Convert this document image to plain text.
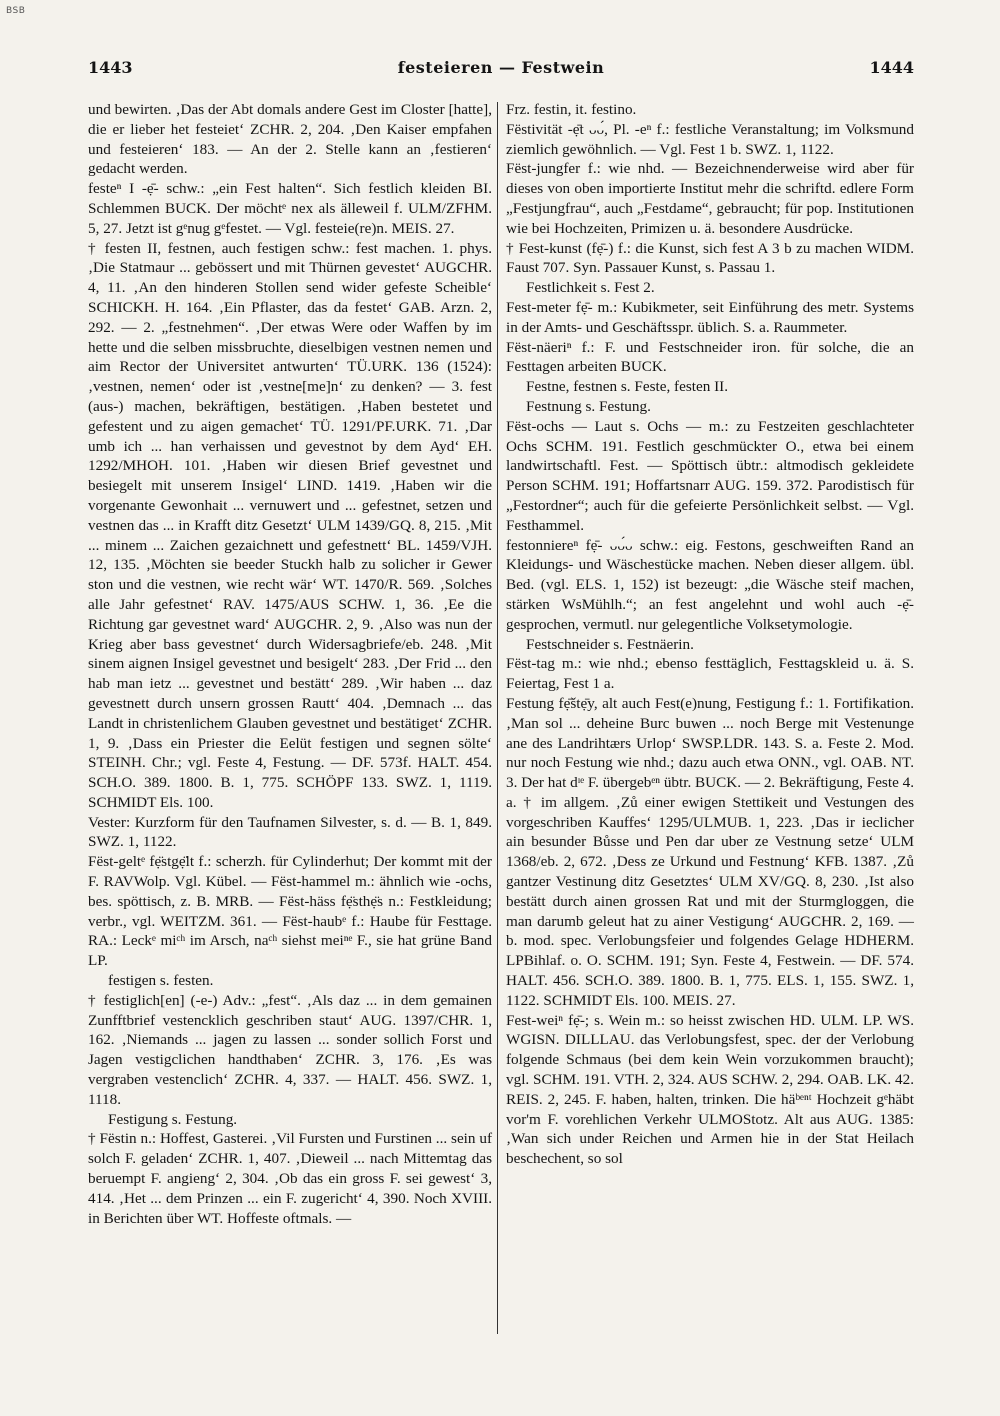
BSB
1443	festeieren — Festwein	1444

und bewirten. ‚Das der Abt domals andere Gest im Closter [hatte], die er lieber het festeiet‘ ZCHR. 2, 204. ‚Den Kaiser empfahen und festeieren‘ 183. — An der 2. Stelle kann an ‚festieren‘ gedacht werden.

festeⁿ I -ẹ̄- schw.: „ein Fest halten“. Sich festlich kleiden BI. Schlemmen BUCK. Der möchtᵉ nex als älleweil f. ULM/ZFHM. 5, 27. Jetzt ist gᵉnug gᵉfestet. — Vgl. festeie(re)n. MEIS. 27.

† festen II, festnen, auch festigen schw.: fest machen. 1. phys. ‚Die Statmaur ... gebössert und mit Thürnen gevestet‘ AUGCHR. 4, 11. ‚An den hinderen Stollen send wider gefeste Scheible‘ SCHICKH. H. 164. ‚Ein Pflaster, das da festet‘ GAB. Arzn. 2, 292. — 2. „festnehmen“. ‚Der etwas Were oder Waffen by im hette und die selben missbruchte, dieselbigen vestnen nemen und aim Rector der Universitet antwurten‘ TÜ.URK. 136 (1524): ‚vestnen, nemen‘ oder ist ‚vestne[me]n‘ zu denken? — 3. fest (aus-) machen, bekräftigen, bestätigen. ‚Haben bestetet und gefestent und zu aigen gemachet‘ TÜ. 1291/PF.URK. 71. ‚Dar umb ich ... han verhaissen und gevestnot by dem Ayd‘ EH. 1292/MHOH. 101. ‚Haben wir diesen Brief gevestnet und besiegelt mit unserem Insigel‘ LIND. 1419. ‚Haben wir die vorgenante Gewonhait ... vernuwert und ... gefestnet, setzen und vestnen das ... in Krafft ditz Gesetzt‘ ULM 1439/GQ. 8, 215. ‚Mit ... minem ... Zaichen gezaichnett und gefestnett‘ BL. 1459/VJH. 12, 135. ‚Möchten sie beeder Stuckh halb zu solicher ir Gewer ston und die vestnen, wie recht wär‘ WT. 1470/R. 569. ‚Solches alle Jahr gefestnet‘ RAV. 1475/AUS SCHW. 1, 36. ‚Ee die Richtung gar gevestnet ward‘ AUGCHR. 2, 9. ‚Also was nun der Krieg aber bass gevestnet‘ durch Widersagbriefe/eb. 248. ‚Mit sinem aignen Insigel gevestnet und besigelt‘ 283. ‚Der Frid ... den hab man ietz ... gevestnet und bestätt‘ 289. ‚Wir haben ... daz gevestnett durch unsern grossen Rautt‘ 404. ‚Demnach ... das Landt in christenlichem Glauben gevestnet und bestätiget‘ ZCHR. 1, 9. ‚Dass ein Priester die Eelüt festigen und segnen sölte‘ STEINH. Chr.; vgl. Feste 4, Festung. — DF. 573f. HALT. 454. SCH.O. 389. 1800. B. 1, 775. SCHÖPF 133. SWZ. 1, 1119. SCHMIDT Els. 100.

Vester: Kurzform für den Taufnamen Silvester, s. d. — B. 1, 849. SWZ. 1, 1122.

Fëst-geltᵉ fẹ̈stgẹ̈lt f.: scherzh. für Cylinderhut; Der kommt mit der F. RAVWolp. Vgl. Kübel. — Fëst-hammel m.: ähnlich wie -ochs, bes. spöttisch, z. B. MRB. — Fëst-häss fẹ̈sthẹ̈s n.: Festkleidung; verbr., vgl. WEITZM. 361. — Fëst-haubᵉ f.: Haube für Festtage. RA.: Leckᵉ miᶜʰ im Arsch, naᶜʰ siehst meiⁿᵉ F., sie hat grüne Band LP.

festigen s. festen.

† festiglich[en] (-e-) Adv.: „fest“. ‚Als daz ... in dem gemainen Zunfftbrief vestencklich geschriben staut‘ AUG. 1397/CHR. 1, 162. ‚Niemands ... jagen zu lassen ... sonder sollich Forst und Jagen vestigclichen handthaben‘ ZCHR. 3, 176. ‚Es was vergraben vestenclich‘ ZCHR. 4, 337. — HALT. 456. SWZ. 1, 1118.

Festigung s. Festung.

† Fëstin n.: Hoffest, Gasterei. ‚Vil Fursten und Furstinen ... sein uf solch F. geladen‘ ZCHR. 1, 407. ‚Dieweil ... nach Mittemtag das beruempt F. angieng‘ 2, 304. ‚Ob das ein gross F. sei gewest‘ 3, 414. ‚Het ... dem Prinzen ... ein F. zugericht‘ 4, 390. Noch XVIII. in Berichten über WT. Hoffeste oftmals. —

Frz. festin, it. festino.

Fëstivität -ẹ̄t ᴗᴗ́, Pl. -eⁿ f.: festliche Veranstaltung; im Volksmund ziemlich gewöhnlich. — Vgl. Fest 1 b. SWZ. 1, 1122.

Fëst-jungfer f.: wie nhd. — Bezeichnenderweise wird aber für dieses von oben importierte Institut mehr die schriftd. edlere Form „Festjungfrau“, auch „Festdame“, gebraucht; für pop. Institutionen wie bei Hochzeiten, Primizen u. ä. besondere Ausdrücke.

† Fest-kunst (fẹ̄-) f.: die Kunst, sich fest A 3 b zu machen WIDM. Faust 707. Syn. Passauer Kunst, s. Passau 1.

Festlichkeit s. Fest 2.

Fest-meter fẹ̄- m.: Kubikmeter, seit Einführung des metr. Systems in der Amts- und Geschäftsspr. üblich. S. a. Raummeter.

Fëst-näeriⁿ f.: F. und Festschneider iron. für solche, die an Festtagen arbeiten BUCK.

Festne, festnen s. Feste, festen II.

Festnung s. Festung.

Fëst-ochs — Laut s. Ochs — m.: zu Festzeiten geschlachteter Ochs SCHM. 191. Festlich geschmückter O., etwa bei einem landwirtschaftl. Fest. — Spöttisch übtr.: altmodisch gekleidete Person SCHM. 191; Hoffartsnarr AUG. 159. 372. Parodistisch für „Festordner“; auch für die gefeierte Persönlichkeit selbst. — Vgl. Festhammel.

festonniereⁿ fẹ̄- ᴗᴗ́ᴗ schw.: eig. Festons, geschweiften Rand an Kleidungs- und Wäschestücke machen. Neben dieser allgem. übl. Bed. (vgl. ELS. 1, 152) ist bezeugt: „die Wäsche steif machen, stärken WsMühlh.“; an fest angelehnt und wohl auch -ẹ̄- gesprochen, vermutl. nur gelegentliche Volksetymologie.

Festschneider s. Festnäerin.

Fëst-tag m.: wie nhd.; ebenso festtäglich, Festtagskleid u. ä. S. Feiertag, Fest 1 a.

Festung fẹ̄štẹ̄y, alt auch Fest(e)nung, Festigung f.: 1. Fortifikation. ‚Man sol ... deheine Burc buwen ... noch Berge mit Vestenunge ane des Landrihtærs Urlop‘ SWSP.LDR. 143. S. a. Feste 2. Mod. nur noch Festung wie nhd.; dazu auch etwa ONN., vgl. OAB. NT. 3. Der hat dᶦᵉ F. übergebᵉⁿ übtr. BUCK. — 2. Bekräftigung, Feste 4. a. † im allgem. ‚Zů einer ewigen Stettikeit und Vestungen des vorgeschriben Kauffes‘ 1295/ULMUB. 1, 223. ‚Das ir ieclicher ain besunder Bůsse und Pen dar uber ze Vestnung setze‘ ULM 1368/eb. 2, 672. ‚Dess ze Urkund und Festnung‘ KFB. 1387. ‚Zů gantzer Vestinung ditz Gesetztes‘ ULM XV/GQ. 8, 230. ‚Ist also bestätt durch ainen grossen Rat und mit der Sturmgloggen, die man darumb geleut hat zu ainer Vestigung‘ AUGCHR. 2, 169. — b. mod. spec. Verlobungsfeier und folgendes Gelage HDHERM. LPBihlaf. o. O. SCHM. 191; Syn. Feste 4, Festwein. — DF. 574. HALT. 456. SCH.O. 389. 1800. B. 1, 775. ELS. 1, 155. SWZ. 1, 1122. SCHMIDT Els. 100. MEIS. 27.

Fest-weiⁿ fẹ̄-; s. Wein m.: so heisst zwischen HD. ULM. LP. WS. WGISN. DILLLAU. das Verlobungsfest, spec. der der Verlobung folgende Schmaus (bei dem kein Wein vorzukommen braucht); vgl. SCHM. 191. VTH. 2, 324. AUS SCHW. 2, 294. OAB. LK. 42. REIS. 2, 245. F. haben, halten, trinken. Die häᵇᵉⁿᵗ Hochzeit gᵉhäbt vor'm F. vorehlichen Verkehr ULMOStotz. Alt aus AUG. 1385: ‚Wan sich under Reichen und Armen hie in der Stat Heilach beschechent, so sol
